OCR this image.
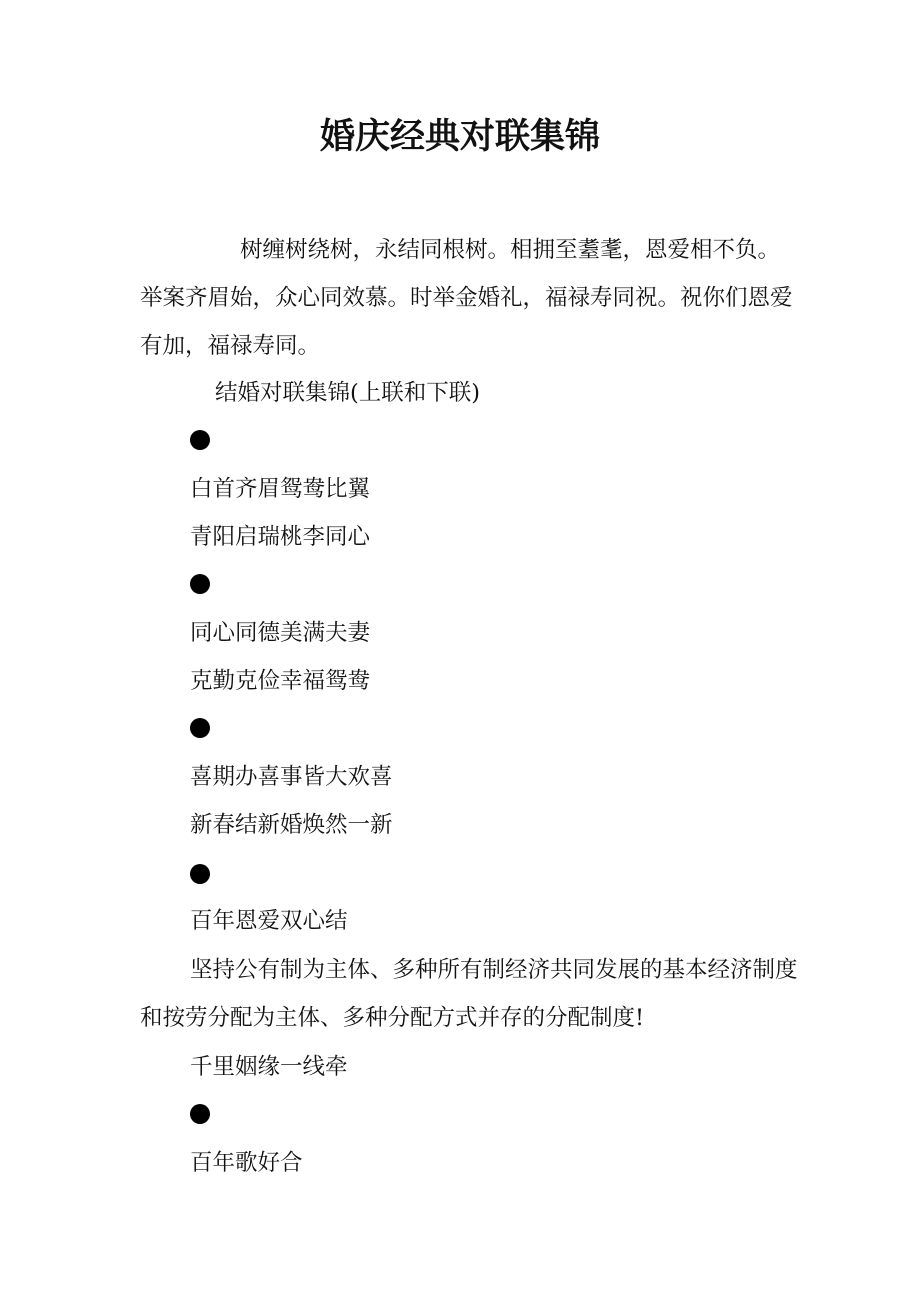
婚庆经典对联集锦

树缠树绕树，永结同根树。相拥至耋耄，恩爱相不负。举案齐眉始，众心同效慕。时举金婚礼，福禄寿同祝。祝你们恩爱有加，福禄寿同。

结婚对联集锦(上联和下联)
白首齐眉鸳鸯比翼
青阳启瑞桃李同心
同心同德美满夫妻
克勤克俭幸福鸳鸯
喜期办喜事皆大欢喜
新春结新婚焕然一新
百年恩爱双心结

坚持公有制为主体、多种所有制经济共同发展的基本经济制度和按劳分配为主体、多种分配方式并存的分配制度!

千里姻缘一线牵
百年歌好合
